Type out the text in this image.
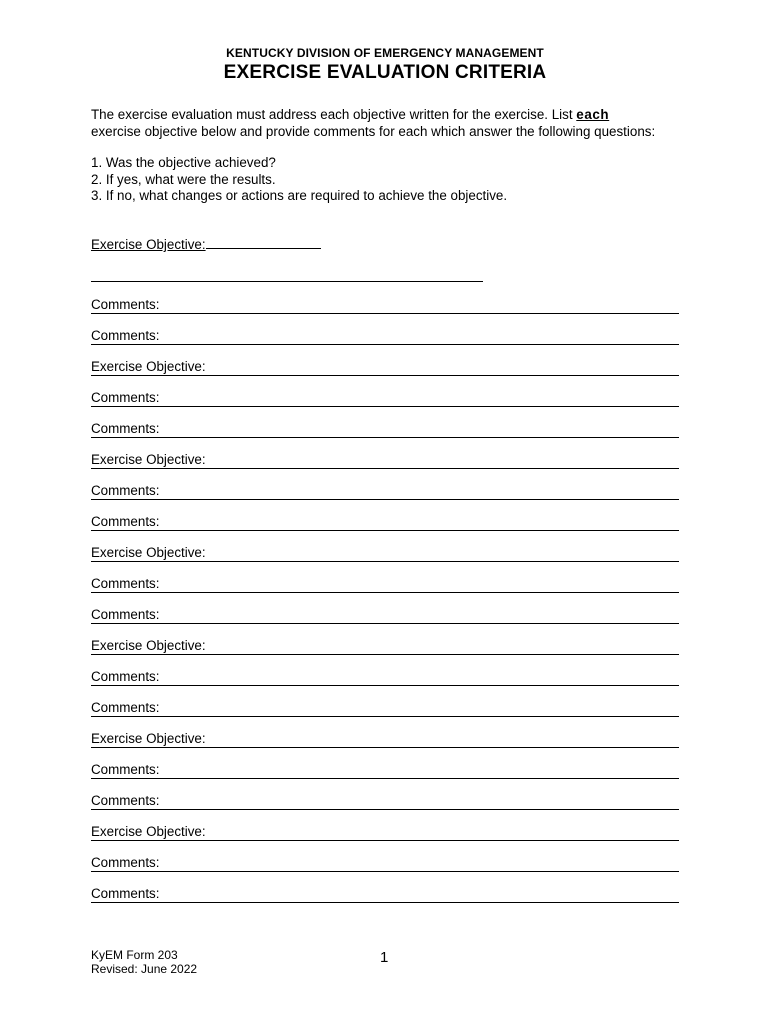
KENTUCKY DIVISION OF EMERGENCY MANAGEMENT
EXERCISE EVALUATION CRITERIA
The exercise evaluation must address each objective written for the exercise. List each
exercise objective below and provide comments for each which answer the following questions:
1. Was the objective achieved?
2. If yes, what were the results.
3. If no, what changes or actions are required to achieve the objective.
Exercise Objective:
Comments:
Comments:
Exercise Objective:
Comments:
Comments:
Exercise Objective:
Comments:
Comments:
Exercise Objective:
Comments:
Comments:
Exercise Objective:
Comments:
Comments:
Exercise Objective:
Comments:
Comments:
Exercise Objective:
Comments:
Comments:
KyEM Form 203
Revised: June 2022
1
